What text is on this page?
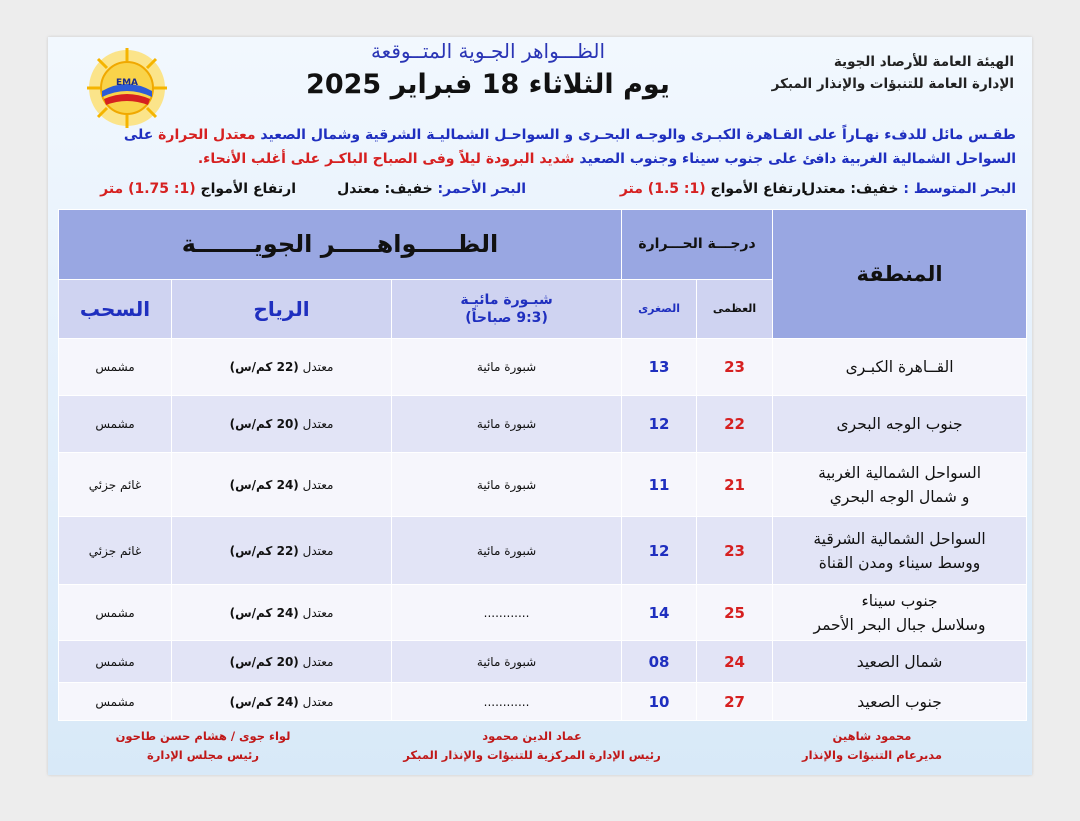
EMA
الهيئة العامة للأرصاد الجوية
الإدارة العامة للتنبؤات والإنذار المبكر
الظـــواهر الجـوية المتــوقعة
يوم الثلاثاء 18 فبراير 2025
طقـس مائل للدفء نهـاراً على القـاهرة الكبـرى والوجـه البحـرى و السواحـل الشماليـة الشرقية وشمال الصعيد معتدل الحرارة على السواحل الشمالية الغربية دافئ على جنوب سيناء وجنوب الصعيد شديد البرودة ليلاً وفى الصباح الباكـر على أغلب الأنحاء.
البحر المتوسط : خفيف: معتدل
ارتفاع الأمواج (1: 1.5) متر
البحر الأحمر: خفيف: معتدل
ارتفاع الأمواج (1: 1.75) متر
المنطقة	درجـــة الحـــرارة		الظـــــواهـــــر الجويـــــــة		
	العظمى	الصغرى	شبـورة مائيـة
(9:3 صباحاً)	الرياح	السحب

القــاهرة الكبـرى	23	13	شبورة مائية	معتدل (22 كم/س)	مشمس

جنوب الوجه البحرى	22	12	شبورة مائية	معتدل (20 كم/س)	مشمس

السواحل الشمالية الغربية
و شمال الوجه البحري	21	11	شبورة مائية	معتدل (24 كم/س)	غائم جزئي

السواحل الشمالية الشرقية
ووسط سيناء ومدن القناة	23	12	شبورة مائية	معتدل (22 كم/س)	غائم جزئي

جنوب سيناء
وسلاسل جبال البحر الأحمر	25	14	............	معتدل (24 كم/س)	مشمس

شمال الصعيد	24	08	شبورة مائية	معتدل (20 كم/س)	مشمس

جنوب الصعيد	27	10	............	معتدل (24 كم/س)	مشمس
محمود شاهين
مديرعام التنبؤات والإنذار
عماد الدين محمود
رئيس الإدارة المركزية للتنبؤات والإنذار المبكر
لواء جوى / هشام حسن طاحون
رئيس مجلس الإدارة
